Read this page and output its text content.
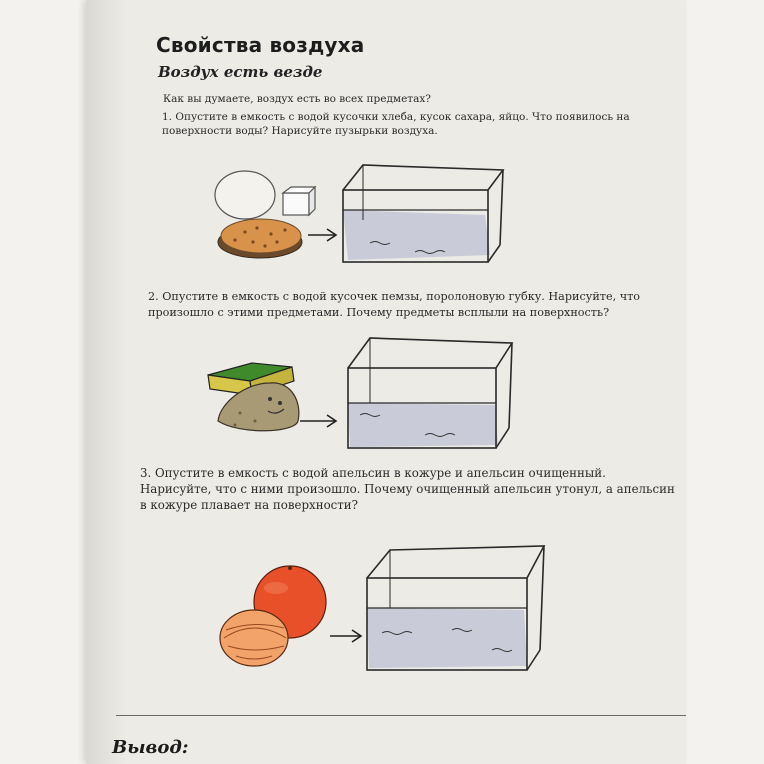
Свойства воздуха
Воздух есть везде
Как вы думаете, воздух есть во всех предметах?
1. Опустите в емкость с водой кусочки хлеба, кусок сахара, яйцо. Что появилось на поверхности воды? Нарисуйте пузырьки воздуха.
2. Опустите в емкость с водой кусочек пемзы, поролоновую губку. Нарисуйте, что произошло с этими предметами. Почему предметы всплыли на поверхность?
3. Опустите в емкость с водой апельсин в кожуре и апельсин очищенный. Нарисуйте, что с ними произошло. Почему очищенный апельсин утонул, а апельсин в кожуре плавает на поверхности?
Вывод:
